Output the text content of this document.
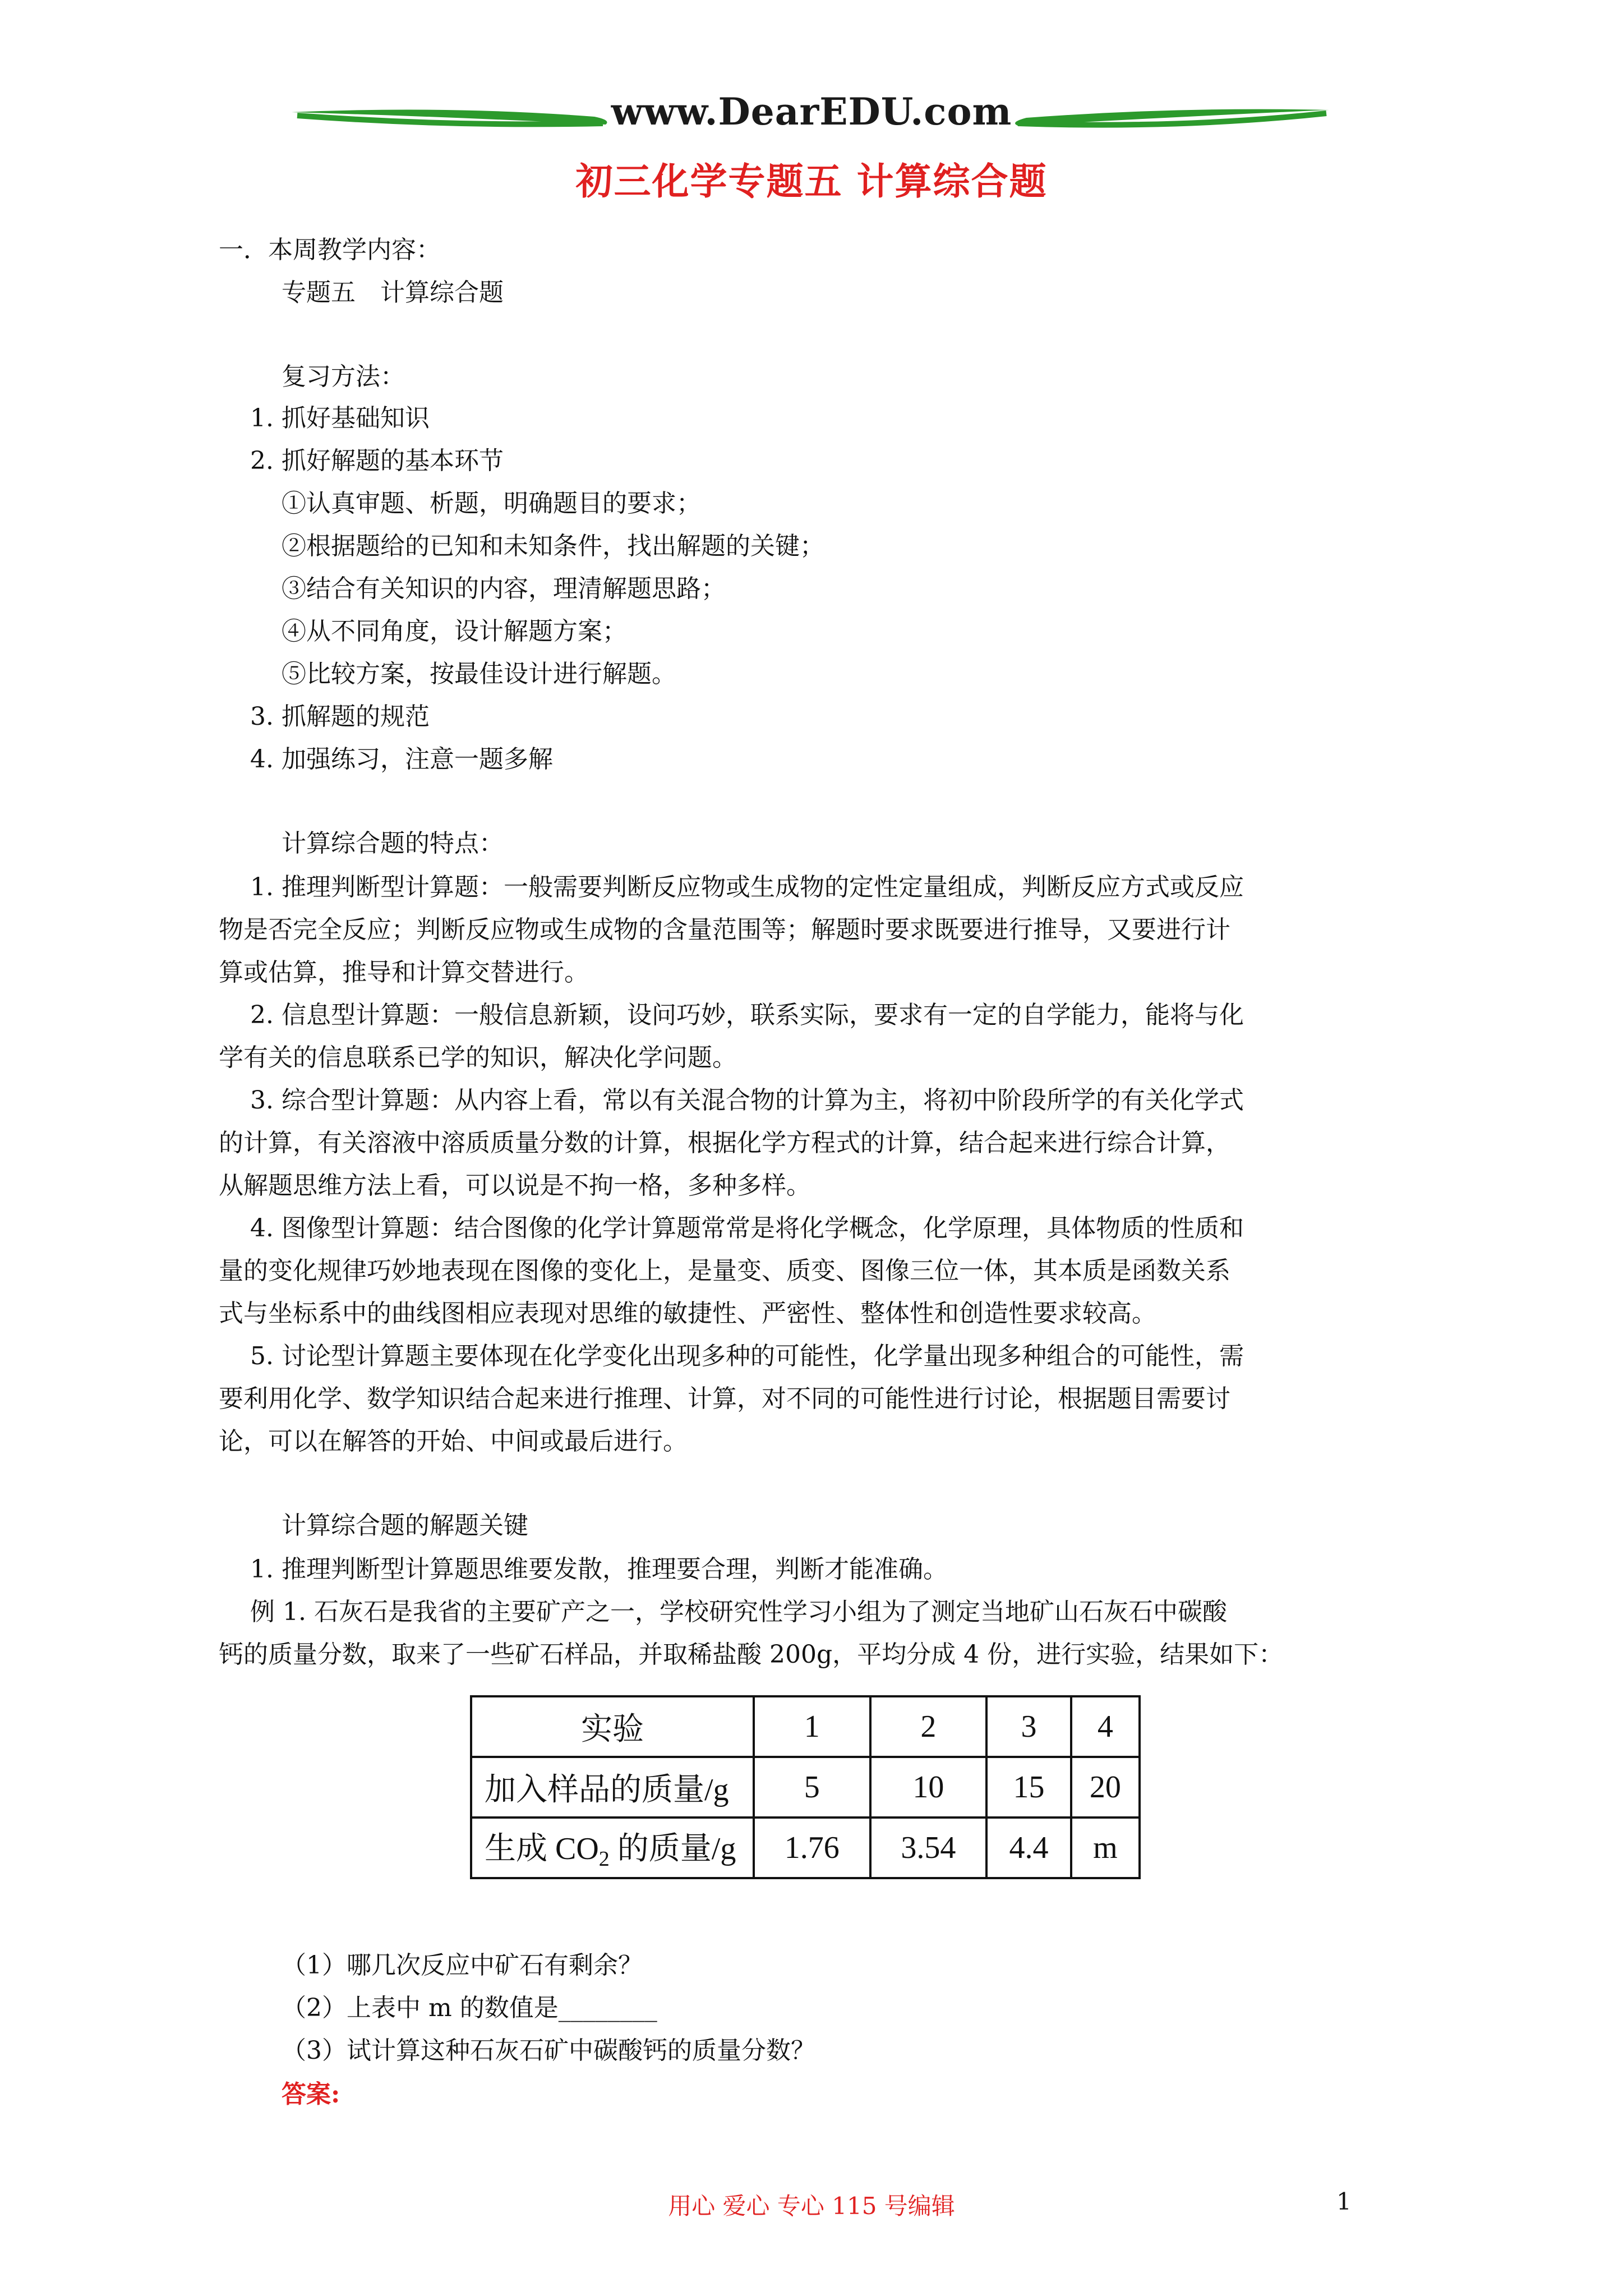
www.DearEDU.com
初三化学专题五 计算综合题
一．本周教学内容：
专题五　计算综合题
复习方法：
1. 抓好基础知识
2. 抓好解题的基本环节
①认真审题、析题，明确题目的要求；
②根据题给的已知和未知条件，找出解题的关键；
③结合有关知识的内容，理清解题思路；
④从不同角度，设计解题方案；
⑤比较方案，按最佳设计进行解题。
3. 抓解题的规范
4. 加强练习，注意一题多解
计算综合题的特点：
1. 推理判断型计算题：一般需要判断反应物或生成物的定性定量组成，判断反应方式或反应
物是否完全反应；判断反应物或生成物的含量范围等；解题时要求既要进行推导，又要进行计
算或估算，推导和计算交替进行。
2. 信息型计算题：一般信息新颖，设问巧妙，联系实际，要求有一定的自学能力，能将与化
学有关的信息联系已学的知识，解决化学问题。
3. 综合型计算题：从内容上看，常以有关混合物的计算为主，将初中阶段所学的有关化学式
的计算，有关溶液中溶质质量分数的计算，根据化学方程式的计算，结合起来进行综合计算，
从解题思维方法上看，可以说是不拘一格，多种多样。
4. 图像型计算题：结合图像的化学计算题常常是将化学概念，化学原理，具体物质的性质和
量的变化规律巧妙地表现在图像的变化上，是量变、质变、图像三位一体，其本质是函数关系
式与坐标系中的曲线图相应表现对思维的敏捷性、严密性、整体性和创造性要求较高。
5. 讨论型计算题主要体现在化学变化出现多种的可能性，化学量出现多种组合的可能性，需
要利用化学、数学知识结合起来进行推理、计算，对不同的可能性进行讨论，根据题目需要讨
论，可以在解答的开始、中间或最后进行。
计算综合题的解题关键
1. 推理判断型计算题思维要发散，推理要合理，判断才能准确。
例 1. 石灰石是我省的主要矿产之一，学校研究性学习小组为了测定当地矿山石灰石中碳酸
钙的质量分数，取来了一些矿石样品，并取稀盐酸 200g，平均分成 4 份，进行实验，结果如下：
实验	1	2	3	4
加入样品的质量/g	5	10	15	20
生成 $CO_2$ 的质量/g	1.76	3.54	4.4	m
（1）哪几次反应中矿石有剩余？
（2）上表中 m 的数值是________
（3）试计算这种石灰石矿中碳酸钙的质量分数？
答案:
用心 爱心 专心 115 号编辑	1
